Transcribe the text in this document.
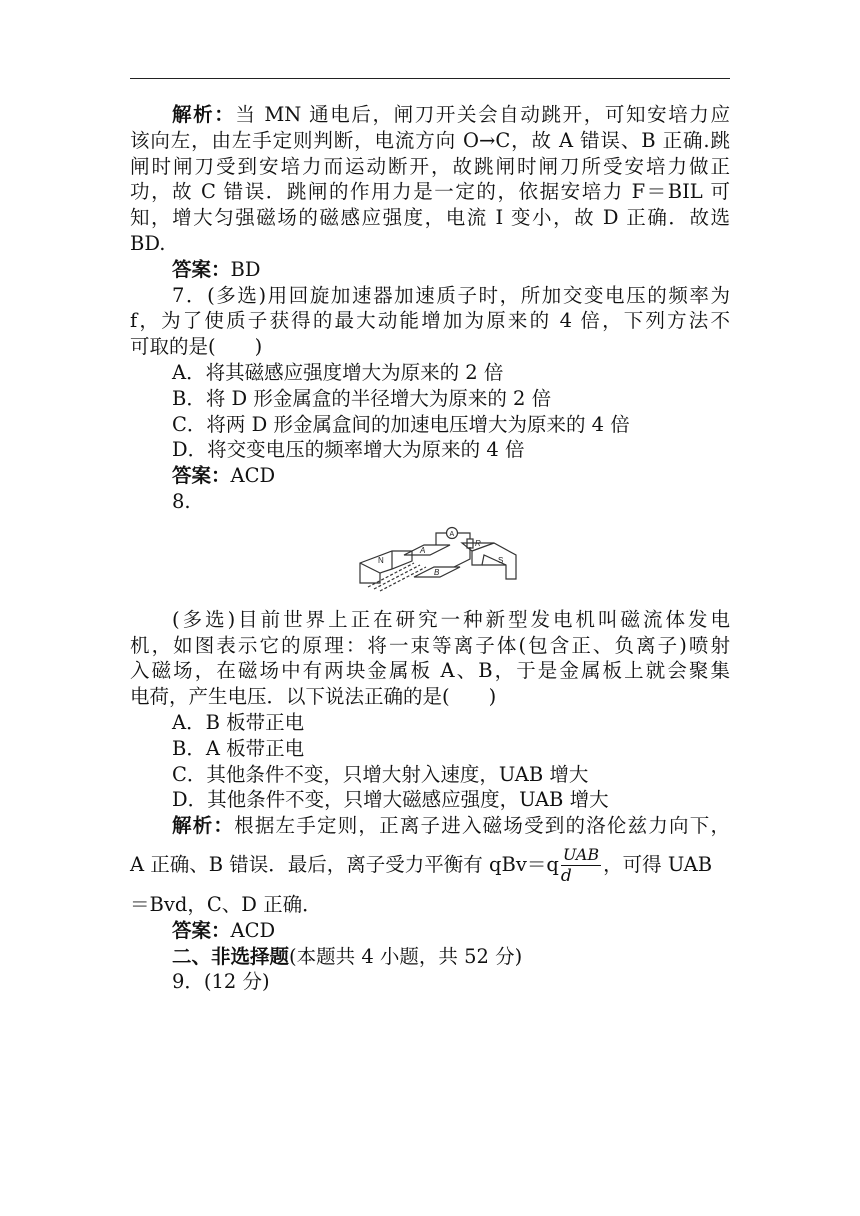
解析：当 MN 通电后，闸刀开关会自动跳开，可知安培力应

该向左，由左手定则判断，电流方向 O→C，故 A 错误、B 正确.跳

闸时闸刀受到安培力而运动断开，故跳闸时闸刀所受安培力做正

功，故 C 错误．跳闸的作用力是一定的，依据安培力 F＝BIL 可

知，增大匀强磁场的磁感应强度，电流 I 变小，故 D 正确．故选

BD.

答案：BD

7．(多选)用回旋加速器加速质子时，所加交变电压的频率为

f，为了使质子获得的最大动能增加为原来的 4 倍，下列方法不

可取的是(　　)

A．将其磁感应强度增大为原来的 2 倍

B．将 D 形金属盒的半径增大为原来的 2 倍

C．将两 D 形金属盒间的加速电压增大为原来的 4 倍

D．将交变电压的频率增大为原来的 4 倍

答案：ACD

8.

N	S
A
B
R
A

(多选)目前世界上正在研究一种新型发电机叫磁流体发电

机，如图表示它的原理：将一束等离子体(包含正、负离子)喷射

入磁场，在磁场中有两块金属板 A、B，于是金属板上就会聚集

电荷，产生电压．以下说法正确的是(　　)

A．B 板带正电

B．A 板带正电

C．其他条件不变，只增大射入速度，UAB 增大

D．其他条件不变，只增大磁感应强度，UAB 增大

解析：根据左手定则，正离子进入磁场受到的洛伦兹力向下，

A 正确、B 错误．最后，离子受力平衡有 $qBv=q \frac{\text{UAB}}{d}$ ，可得 UAB

＝Bvd，C、D 正确．

答案：ACD

二、非选择题(本题共 4 小题，共 52 分)

9．(12 分)
